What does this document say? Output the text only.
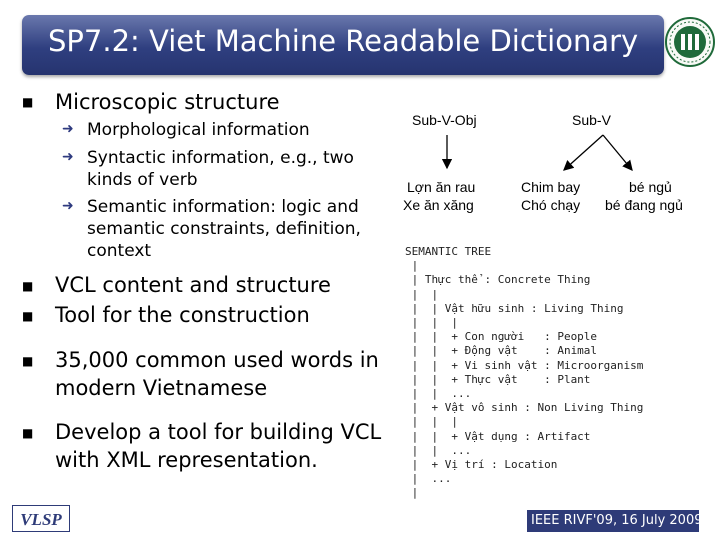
SP7.2: Viet Machine Readable Dictionary
■ Microscopic structure
➜ Morphological information
➜ Syntactic information, e.g., two
kinds of verb
➜ Semantic information: logic and
semantic constraints, definition,
context
■ VCL content and structure
■ Tool for the construction
■ 35,000 common used words in
modern Vietnamese
■ Develop a tool for building VCL
with XML representation.
Sub-V-Obj	Sub-V
Lợn ăn rau
Xe ăn xăng
Chim bay
Chó chạy
bé ngủ
bé đang ngủ
SEMANTIC TREE
|
| Thực thể : Concrete Thing
|  |
|  | Vật hữu sinh : Living Thing
|  |  |
|  |  + Con người   : People
|  |  + Động vật    : Animal
|  |  + Vi sinh vật : Microorganism
|  |  + Thực vật    : Plant
|  |  ...
|  + Vật vô sinh : Non Living Thing
|  |  |
|  |  + Vật dụng : Artifact
|  |  ...
|  + Vị trí : Location
|  ...
|
VLSP	IEEE RIVF'09, 16 July 2009
